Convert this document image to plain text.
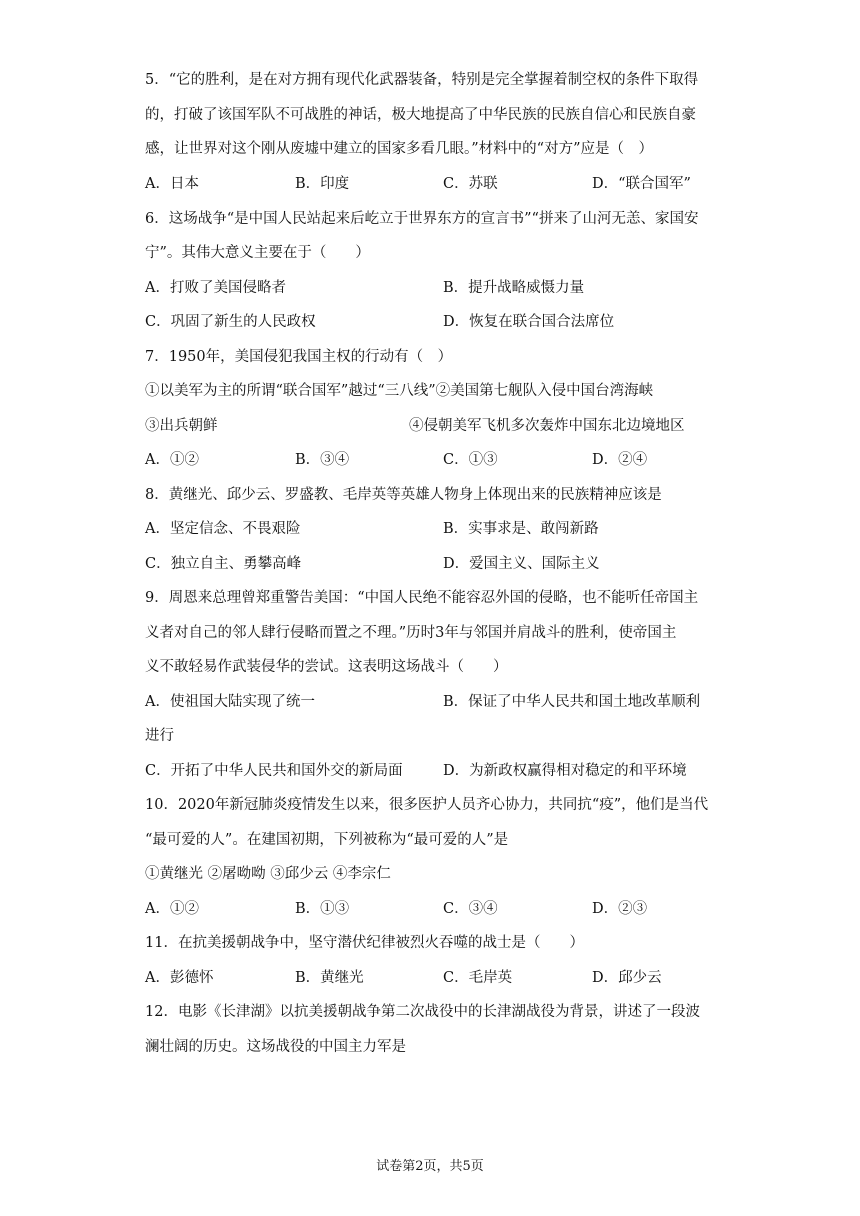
5．“它的胜利，是在对方拥有现代化武器装备，特别是完全掌握着制空权的条件下取得
的，打破了该国军队不可战胜的神话，极大地提高了中华民族的民族自信心和民族自豪
感，让世界对这个刚从废墟中建立的国家多看几眼。”材料中的“对方”应是（　）
A．日本	B．印度	C．苏联	D．“联合国军”
6．这场战争“是中国人民站起来后屹立于世界东方的宣言书”“拼来了山河无恙、家国安
宁”。其伟大意义主要在于（　　）
A．打败了美国侵略者	B．提升战略威慑力量
C．巩固了新生的人民政权	D．恢复在联合国合法席位
7．1950年，美国侵犯我国主权的行动有（　）
①以美军为主的所谓“联合国军”越过“三八线”②美国第七舰队入侵中国台湾海峡
③出兵朝鲜	④侵朝美军飞机多次轰炸中国东北边境地区
A．①②	B．③④	C．①③	D．②④
8．黄继光、邱少云、罗盛教、毛岸英等英雄人物身上体现出来的民族精神应该是
A．坚定信念、不畏艰险	B．实事求是、敢闯新路
C．独立自主、勇攀高峰	D．爱国主义、国际主义
9．周恩来总理曾郑重警告美国：“中国人民绝不能容忍外国的侵略，也不能听任帝国主
义者对自己的邻人肆行侵略而置之不理。”历时3年与邻国并肩战斗的胜利，使帝国主
义不敢轻易作武装侵华的尝试。这表明这场战斗（　　）
A．使祖国大陆实现了统一	B．保证了中华人民共和国土地改革顺利
进行
C．开拓了中华人民共和国外交的新局面	D．为新政权赢得相对稳定的和平环境
10．2020年新冠肺炎疫情发生以来，很多医护人员齐心协力，共同抗“疫”，他们是当代
“最可爱的人”。在建国初期，下列被称为“最可爱的人”是
①黄继光 ②屠呦呦 ③邱少云 ④李宗仁
A．①②	B．①③	C．③④	D．②③
11．在抗美援朝战争中，坚守潜伏纪律被烈火吞噬的战士是（　　）
A．彭德怀	B．黄继光	C．毛岸英	D．邱少云
12．电影《长津湖》以抗美援朝战争第二次战役中的长津湖战役为背景，讲述了一段波
澜壮阔的历史。这场战役的中国主力军是
试卷第2页，共5页
